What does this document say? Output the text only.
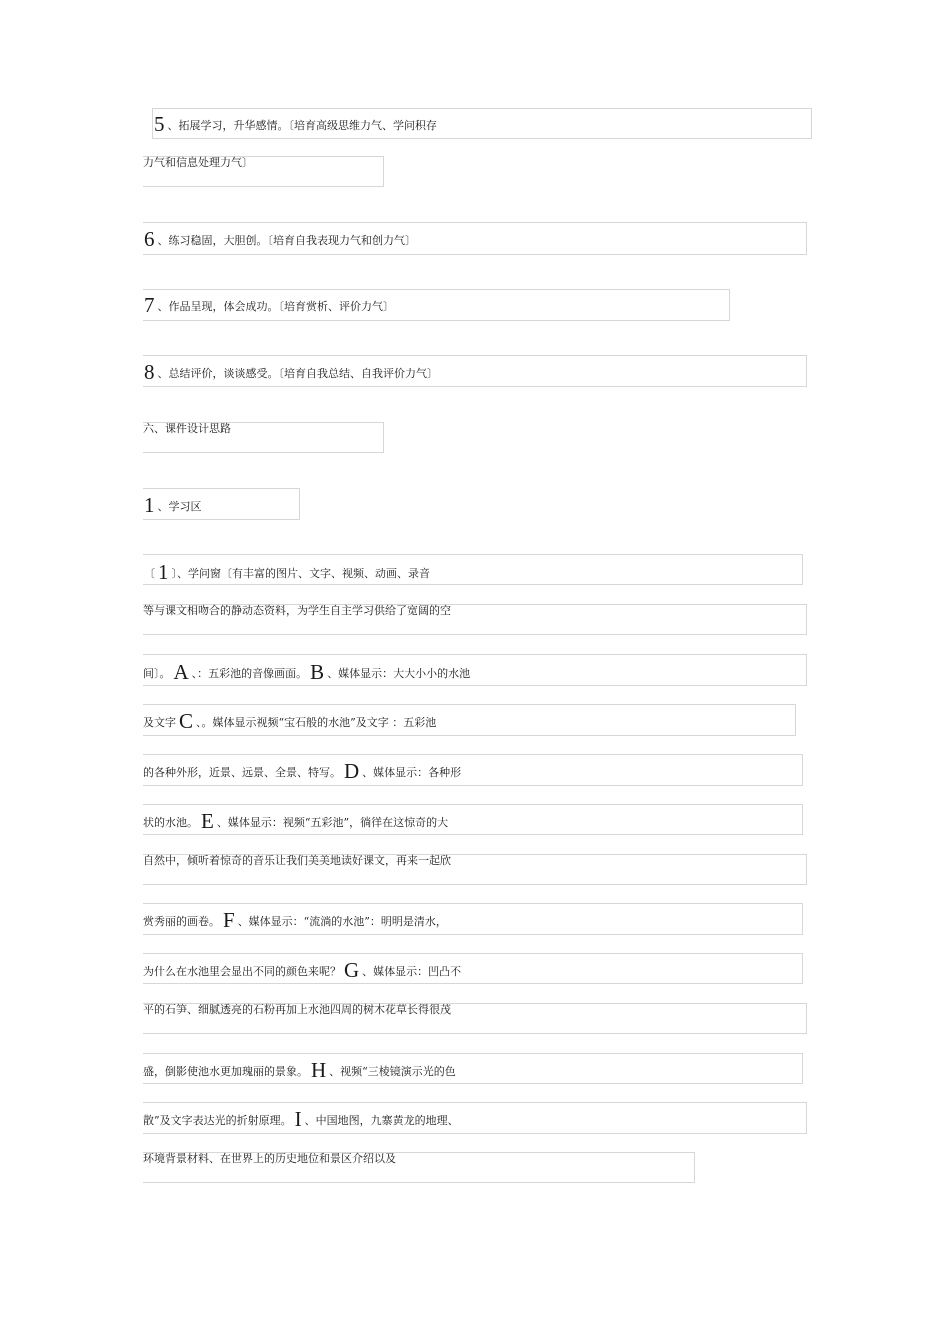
5 、拓展学习，升华感情。〔培育高级思维力气、学问积存
力气和信息处理力气〕
6 、练习稳固，大胆创。〔培育自我表现力气和创力气〕
7 、作品呈现，体会成功。〔培育赏析、评价力气〕
8 、总结评价，谈谈感受。〔培育自我总结、自我评价力气〕
六、课件设计思路
1 、学习区
〔 1 〕、学问窗〔有丰富的图片、文字、视频、动画、录音
等与课文相吻合的静动态资料，为学生自主学习供给了宽阔的空
间〕。 A 、：五彩池的音像画面。 B 、媒体显示：大大小小的水池
及文字 C 、。媒体显示视频“宝石般的水池”及文字 ：五彩池
的各种外形，近景、远景、全景、特写。 D 、媒体显示：各种形
状的水池。 E 、媒体显示：视频“五彩池”，徜徉在这惊奇的大
自然中，倾听着惊奇的音乐让我们美美地读好课文，再来一起欣
赏秀丽的画卷。 F 、媒体显示：“流淌的水池”：明明是清水，
为什么在水池里会显出不同的颜色来呢？ G 、媒体显示：凹凸不
平的石笋、细腻透亮的石粉再加上水池四周的树木花草长得很茂
盛，倒影使池水更加瑰丽的景象。 H 、视频“三棱镜演示光的色
散”及文字表达光的折射原理。 I 、中国地图，九寨黄龙的地理、
环境背景材料、在世界上的历史地位和景区介绍以及
